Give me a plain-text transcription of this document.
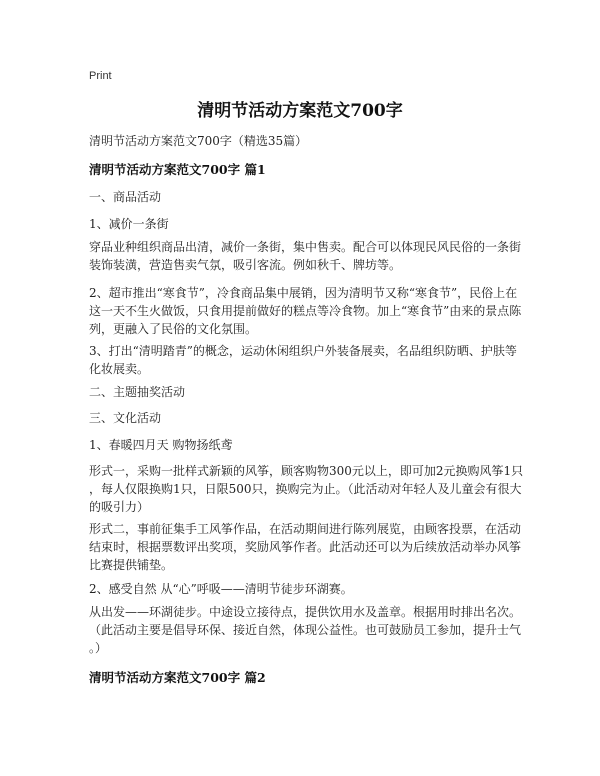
Print
清明节活动方案范文700字
清明节活动方案范文700字（精选35篇）
清明节活动方案范文700字 篇1
一、商品活动
1、减价一条街

穿品业种组织商品出清，减价一条街，集中售卖。配合可以体现民风民俗的一条街
装饰装潢，营造售卖气氛，吸引客流。例如秋千、牌坊等。

2、超市推出“寒食节”，冷食商品集中展销，因为清明节又称“寒食节”，民俗上在
这一天不生火做饭，只食用提前做好的糕点等冷食物。加上“寒食节”由来的景点陈
列，更融入了民俗的文化氛围。

3、打出“清明踏青”的概念，运动休闲组织户外装备展卖，名品组织防晒、护肤等
化妆展卖。

二、主题抽奖活动
三、文化活动
1、春暖四月天 购物扬纸鸢

形式一，采购一批样式新颖的风筝，顾客购物300元以上，即可加2元换购风筝1只
，每人仅限换购1只，日限500只，换购完为止。（此活动对年轻人及儿童会有很大
的吸引力）

形式二，事前征集手工风筝作品，在活动期间进行陈列展览，由顾客投票，在活动
结束时，根据票数评出奖项，奖励风筝作者。此活动还可以为后续放活动举办风筝
比赛提供铺垫。

2、感受自然 从“心”呼吸——清明节徒步环湖赛。

从出发——环湖徒步。中途设立接待点，提供饮用水及盖章。根据用时排出名次。
（此活动主要是倡导环保、接近自然，体现公益性。也可鼓励员工参加，提升士气
。）

清明节活动方案范文700字 篇2
